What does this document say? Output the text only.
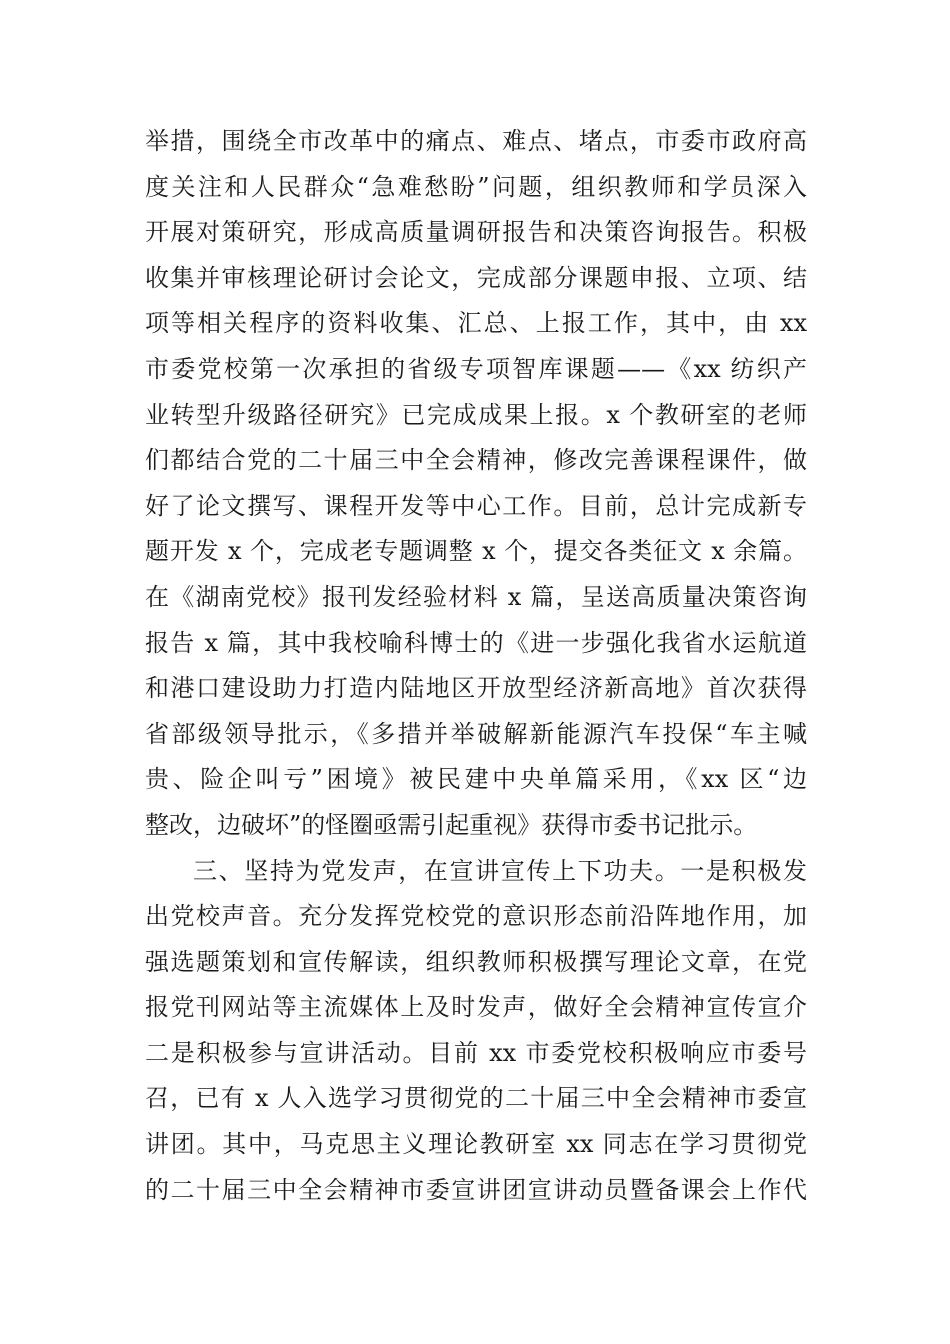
举措，围绕全市改革中的痛点、难点、堵点，市委市政府高
度关注和人民群众“急难愁盼”问题，组织教师和学员深入
开展对策研究，形成高质量调研报告和决策咨询报告。积极
收集并审核理论研讨会论文，完成部分课题申报、立项、结
项等相关程序的资料收集、汇总、上报工作，其中，由 xx
市委党校第一次承担的省级专项智库课题——《xx 纺织产
业转型升级路径研究》已完成成果上报。x 个教研室的老师
们都结合党的二十届三中全会精神，修改完善课程课件，做
好了论文撰写、课程开发等中心工作。目前，总计完成新专
题开发 x 个，完成老专题调整 x 个，提交各类征文 x 余篇。
在《湖南党校》报刊发经验材料 x 篇，呈送高质量决策咨询
报告 x 篇，其中我校喻科博士的《进一步强化我省水运航道
和港口建设助力打造内陆地区开放型经济新高地》首次获得
省部级领导批示，《多措并举破解新能源汽车投保“车主喊
贵、险企叫亏”困境》被民建中央单篇采用，《xx 区“边
整改，边破坏”的怪圈亟需引起重视》获得市委书记批示。
三、坚持为党发声，在宣讲宣传上下功夫。一是积极发
出党校声音。充分发挥党校党的意识形态前沿阵地作用，加
强选题策划和宣传解读，组织教师积极撰写理论文章，在党
报党刊网站等主流媒体上及时发声，做好全会精神宣传宣介
二是积极参与宣讲活动。目前 xx 市委党校积极响应市委号
召，已有 x 人入选学习贯彻党的二十届三中全会精神市委宣
讲团。其中，马克思主义理论教研室 xx 同志在学习贯彻党
的二十届三中全会精神市委宣讲团宣讲动员暨备课会上作代
